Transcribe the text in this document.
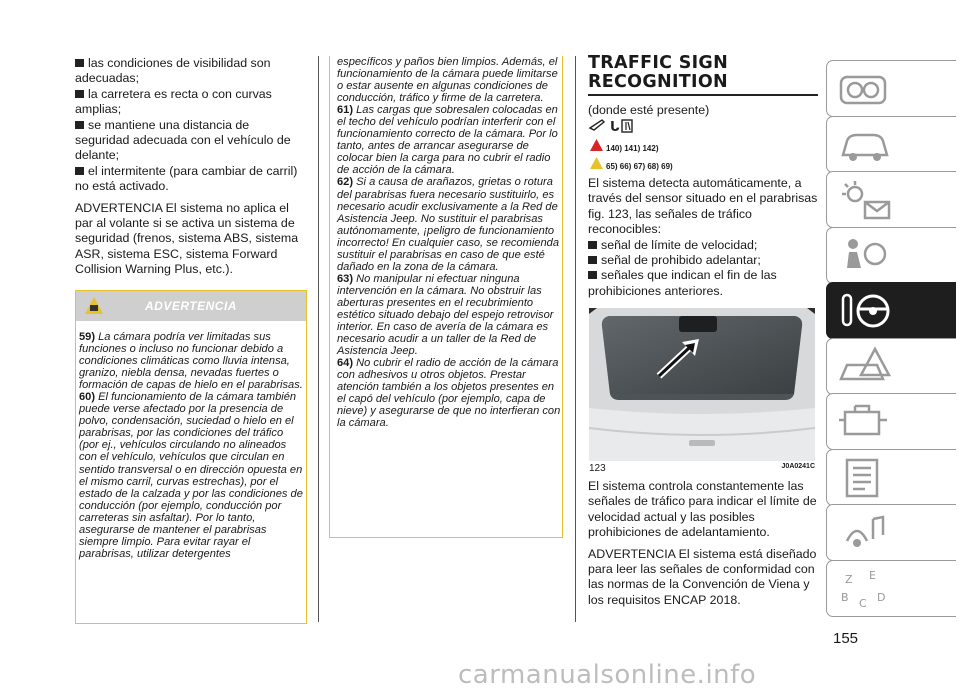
las condiciones de visibilidad son adecuadas;
la carretera es recta o con curvas amplias;
se mantiene una distancia de seguridad adecuada con el vehículo de delante;
el intermitente (para cambiar de carril) no está activado.

ADVERTENCIA El sistema no aplica el par al volante si se activa un sistema de seguridad (frenos, sistema ABS, sistema ASR, sistema ESC, sistema Forward Collision Warning Plus, etc.).

ADVERTENCIA
59) La cámara podría ver limitadas sus funciones o incluso no funcionar debido a condiciones climáticas como lluvia intensa, granizo, niebla densa, nevadas fuertes o formación de capas de hielo en el parabrisas.
60) El funcionamiento de la cámara también puede verse afectado por la presencia de polvo, condensación, suciedad o hielo en el parabrisas, por las condiciones del tráfico (por ej., vehículos circulando no alineados con el vehículo, vehículos que circulan en sentido transversal o en dirección opuesta en el mismo carril, curvas estrechas), por el estado de la calzada y por las condiciones de conducción (por ejemplo, conducción por carreteras sin asfaltar). Por lo tanto, asegurarse de mantener el parabrisas siempre limpio. Para evitar rayar el parabrisas, utilizar detergentes
específicos y paños bien limpios. Además, el funcionamiento de la cámara puede limitarse o estar ausente en algunas condiciones de conducción, tráfico y firme de la carretera.
61) Las cargas que sobresalen colocadas en el techo del vehículo podrían interferir con el funcionamiento correcto de la cámara. Por lo tanto, antes de arrancar asegurarse de colocar bien la carga para no cubrir el radio de acción de la cámara.
62) Si a causa de arañazos, grietas o rotura del parabrisas fuera necesario sustituirlo, es necesario acudir exclusivamente a la Red de Asistencia Jeep. No sustituir el parabrisas autónomamente, ¡peligro de funcionamiento incorrecto! En cualquier caso, se recomienda sustituir el parabrisas en caso de que esté dañado en la zona de la cámara.
63) No manipular ni efectuar ninguna intervención en la cámara. No obstruir las aberturas presentes en el recubrimiento estético situado debajo del espejo retrovisor interior. En caso de avería de la cámara es necesario acudir a un taller de la Red de Asistencia Jeep.
64) No cubrir el radio de acción de la cámara con adhesivos u otros objetos. Prestar atención también a los objetos presentes en el capó del vehículo (por ejemplo, capa de nieve) y asegurarse de que no interfieran con la cámara.
TRAFFIC SIGN RECOGNITION
(donde esté presente)
ᒐ
140) 141) 142)
65) 66) 67) 68) 69)
El sistema detecta automáticamente, a través del sensor situado en el parabrisas fig. 123, las señales de tráfico reconocibles:
señal de límite de velocidad;
señal de prohibido adelantar;
señales que indican el fin de las prohibiciones anteriores.
123	J0A0241C

El sistema controla constantemente las señales de tráfico para indicar el límite de velocidad actual y las posibles prohibiciones de adelantamiento.

ADVERTENCIA El sistema está diseñado para leer las señales de conformidad con las normas de la Convención de Viena y los requisitos ENCAP 2018.

155
Z E
B C D
carmanualsonline.info
